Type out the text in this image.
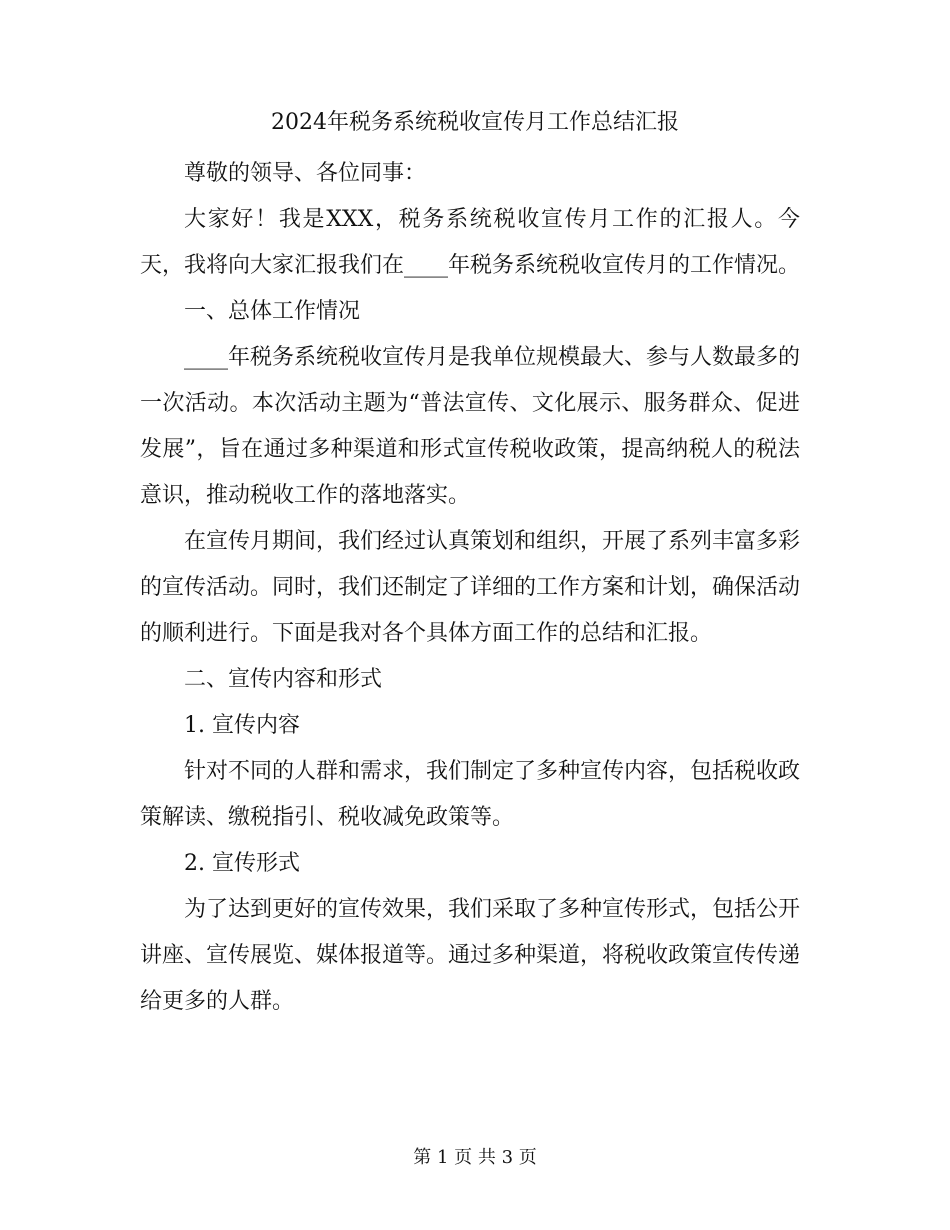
2024年税务系统税收宣传月工作总结汇报

尊敬的领导、各位同事：

大家好！我是XXX，税务系统税收宣传月工作的汇报人。今天，我将向大家汇报我们在____年税务系统税收宣传月的工作情况。

一、总体工作情况

____年税务系统税收宣传月是我单位规模最大、参与人数最多的一次活动。本次活动主题为“普法宣传、文化展示、服务群众、促进发展”，旨在通过多种渠道和形式宣传税收政策，提高纳税人的税法意识，推动税收工作的落地落实。

在宣传月期间，我们经过认真策划和组织，开展了系列丰富多彩的宣传活动。同时，我们还制定了详细的工作方案和计划，确保活动的顺利进行。下面是我对各个具体方面工作的总结和汇报。

二、宣传内容和形式

1. 宣传内容

针对不同的人群和需求，我们制定了多种宣传内容，包括税收政策解读、缴税指引、税收减免政策等。

2. 宣传形式

为了达到更好的宣传效果，我们采取了多种宣传形式，包括公开讲座、宣传展览、媒体报道等。通过多种渠道，将税收政策宣传传递给更多的人群。

第 1 页 共 3 页
